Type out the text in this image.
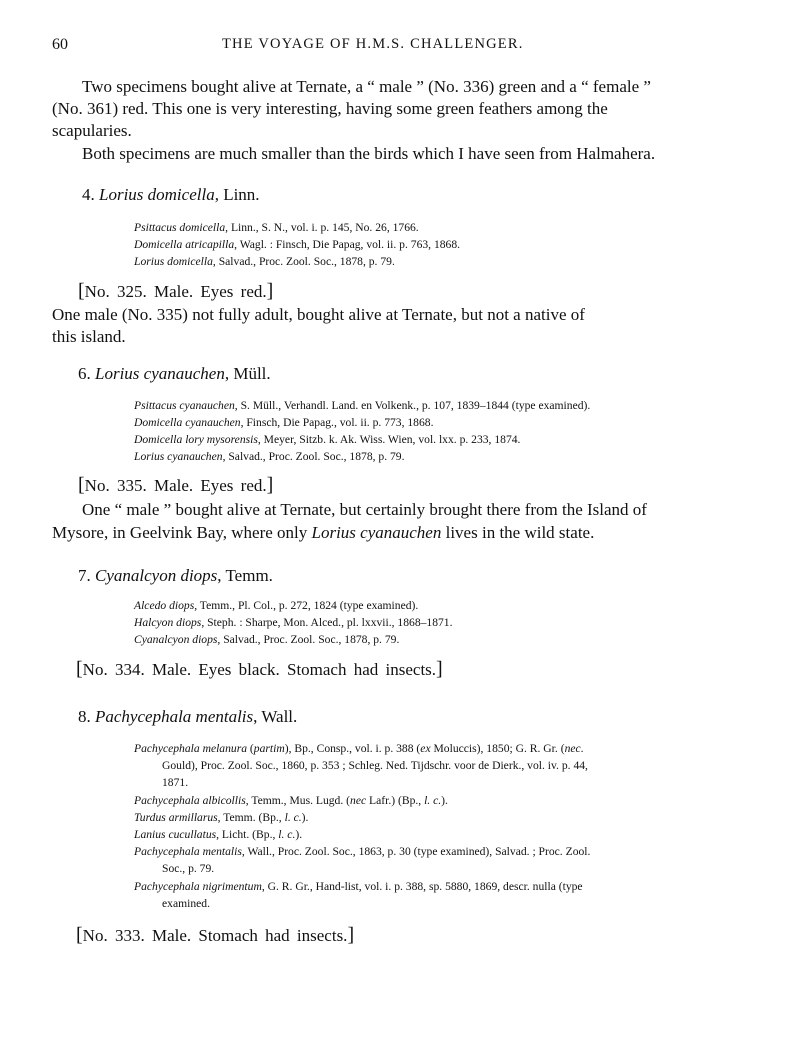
60	THE VOYAGE OF H.M.S. CHALLENGER.
Two specimens bought alive at Ternate, a “ male ” (No. 336) green and a “ female ”
(No. 361) red. This one is very interesting, having some green feathers among the
scapularies.
Both specimens are much smaller than the birds which I have seen from Halmahera.
4. Lorius domicella, Linn.
Psittacus domicella, Linn., S. N., vol. i. p. 145, No. 26, 1766.
Domicella atricapilla, Wagl. : Finsch, Die Papag, vol. ii. p. 763, 1868.
Lorius domicella, Salvad., Proc. Zool. Soc., 1878, p. 79.
[No. 325. Male. Eyes red.]
One male (No. 335) not fully adult, bought alive at Ternate, but not a native of
this island.
6. Lorius cyanauchen, Müll.
Psittacus cyanauchen, S. Müll., Verhandl. Land. en Volkenk., p. 107, 1839–1844 (type examined).
Domicella cyanauchen, Finsch, Die Papag., vol. ii. p. 773, 1868.
Domicella lory mysorensis, Meyer, Sitzb. k. Ak. Wiss. Wien, vol. lxx. p. 233, 1874.
Lorius cyanauchen, Salvad., Proc. Zool. Soc., 1878, p. 79.
[No. 335. Male. Eyes red.]
One “ male ” bought alive at Ternate, but certainly brought there from the Island of
Mysore, in Geelvink Bay, where only Lorius cyanauchen lives in the wild state.
7. Cyanalcyon diops, Temm.
Alcedo diops, Temm., Pl. Col., p. 272, 1824 (type examined).
Halcyon diops, Steph. : Sharpe, Mon. Alced., pl. lxxvii., 1868–1871.
Cyanalcyon diops, Salvad., Proc. Zool. Soc., 1878, p. 79.
[No. 334. Male. Eyes black. Stomach had insects.]
8. Pachycephala mentalis, Wall.
Pachycephala melanura (partim), Bp., Consp., vol. i. p. 388 (ex Moluccis), 1850; G. R. Gr. (nec.
Gould), Proc. Zool. Soc., 1860, p. 353 ; Schleg. Ned. Tijdschr. voor de Dierk., vol. iv. p. 44,
1871.
Pachycephala albicollis, Temm., Mus. Lugd. (nec Lafr.) (Bp., l. c.).
Turdus armillarus, Temm. (Bp., l. c.).
Lanius cucullatus, Licht. (Bp., l. c.).
Pachycephala mentalis, Wall., Proc. Zool. Soc., 1863, p. 30 (type examined), Salvad. ; Proc. Zool.
Soc., p. 79.
Pachycephala nigrimentum, G. R. Gr., Hand-list, vol. i. p. 388, sp. 5880, 1869, descr. nulla (type
examined.
[No. 333. Male. Stomach had insects.]
